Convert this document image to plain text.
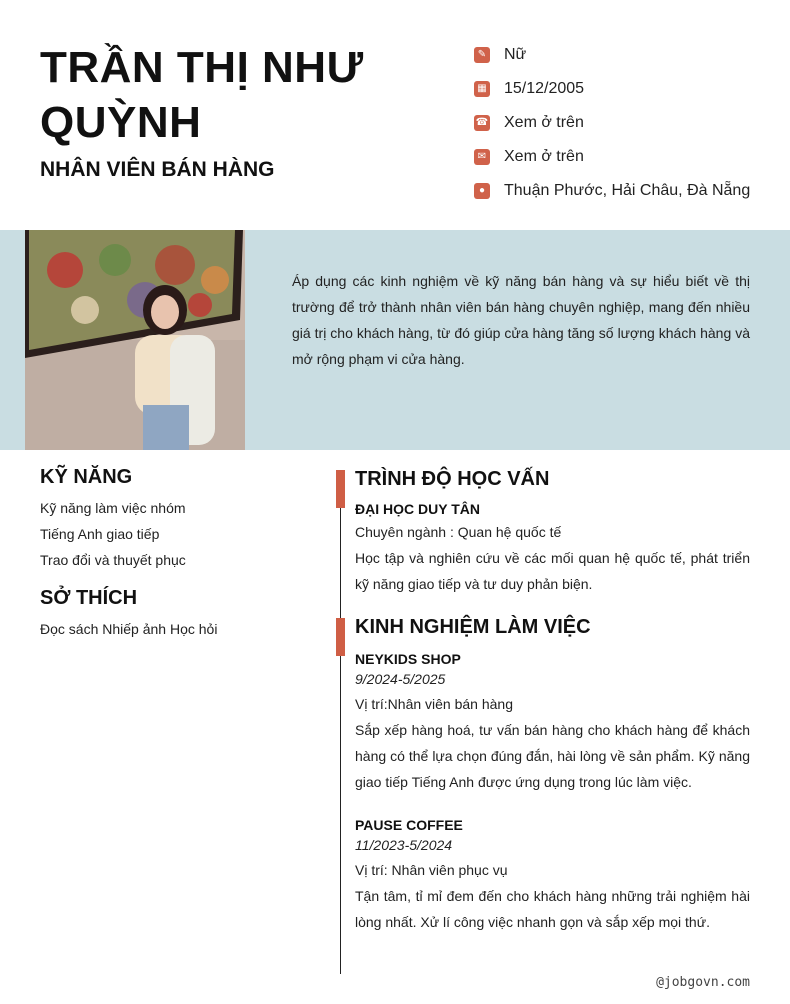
TRẦN THỊ NHƯ QUỲNH
NHÂN VIÊN BÁN HÀNG
✎ Nữ
▦ 15/12/2005
☎ Xem ở trên
✉ Xem ở trên
●	Thuận Phước, Hải Châu, Đà Nẵng
Áp dụng các kinh nghiệm về kỹ năng bán hàng và sự hiểu biết về thị trường để trở thành nhân viên bán hàng chuyên nghiệp, mang đến nhiều giá trị cho khách hàng, từ đó giúp cửa hàng tăng số lượng khách hàng và mở rộng phạm vi cửa hàng.
KỸ NĂNG
Kỹ năng làm việc nhóm
Tiếng Anh giao tiếp
Trao đổi và thuyết phục
SỞ THÍCH
Đọc sách Nhiếp ảnh Học hỏi
TRÌNH ĐỘ HỌC VẤN
ĐẠI HỌC DUY TÂN
Chuyên ngành : Quan hệ quốc tế
Học tập và nghiên cứu về các mối quan hệ quốc tế, phát triển kỹ năng giao tiếp và tư duy phản biện.
KINH NGHIỆM LÀM VIỆC
NEYKIDS SHOP
9/2024-5/2025
Vị trí:Nhân viên bán hàng
Sắp xếp hàng hoá, tư vấn bán hàng cho khách hàng để khách hàng có thể lựa chọn đúng đắn, hài lòng về sản phẩm. Kỹ năng giao tiếp Tiếng Anh được ứng dụng trong lúc làm việc.
PAUSE COFFEE
11/2023-5/2024
Vị trí: Nhân viên phục vụ
Tận tâm, tỉ mỉ đem đến cho khách hàng những trải nghiệm hài lòng nhất. Xử lí công việc nhanh gọn và sắp xếp mọi thứ.
@jobgovn.com
